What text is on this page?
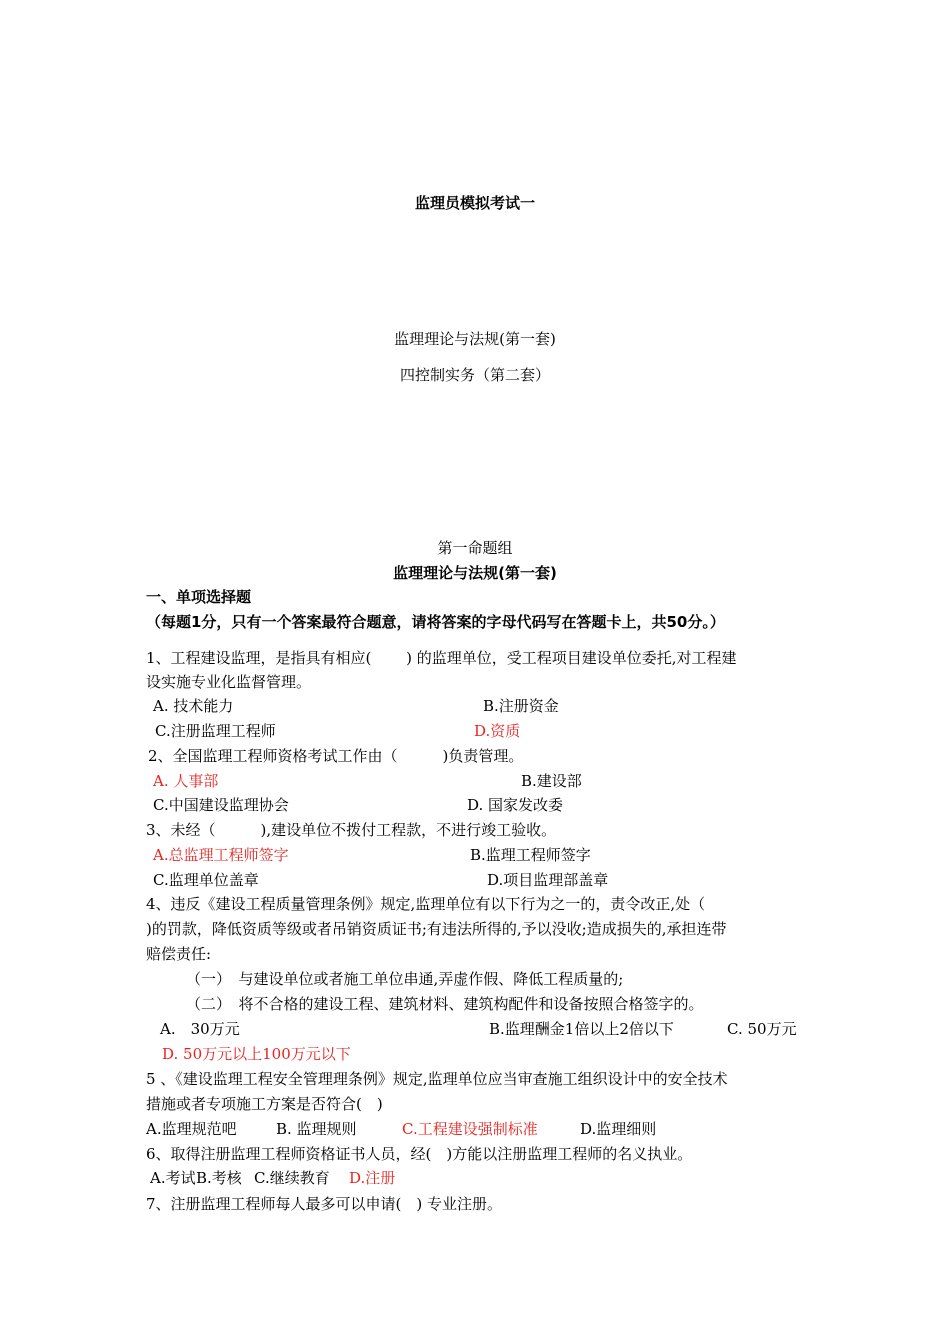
监理员模拟考试一
监理理论与法规(第一套)
四控制实务（第二套）
第一命题组
监理理论与法规(第一套)
一、单项选择题
（每题1分，只有一个答案最符合题意，请将答案的字母代码写在答题卡上，共50分。）
1、工程建设监理，是指具有相应(　　 ) 的监理单位，受工程项目建设单位委托,对工程建
设实施专业化监督管理。
A. 技术能力	B.注册资金
C.注册监理工程师	D.资质
2、全国监理工程师资格考试工作由（　　　)负责管理。
A. 人事部	B.建设部
C.中国建设监理协会	D. 国家发改委
3、未经（　　　),建设单位不拨付工程款，不进行竣工验收。
A.总监理工程师签字	B.监理工程师签字
C.监理单位盖章	D.项目监理部盖章
4、违反《建设工程质量管理条例》规定,监理单位有以下行为之一的，责令改正,处（
)的罚款，降低资质等级或者吊销资质证书;有违法所得的,予以没收;造成损失的,承担连带
赔偿责任:
（一）　与建设单位或者施工单位串通,弄虚作假、降低工程质量的;
（二）　将不合格的建设工程、建筑材料、建筑构配件和设备按照合格签字的。
A.　30万元	B.监理酬金1倍以上2倍以下	C. 50万元
D. 50万元以上100万元以下
5 、《建设监理工程安全管理理条例》规定,监理单位应当审查施工组织设计中的安全技术
措施或者专项施工方案是否符合(　)
A.监理规范吧	B. 监理规则	C.工程建设强制标准	D.监理细则
6、取得注册监理工程师资格证书人员，经(　)方能以注册监理工程师的名义执业。
A.考试 B.考核 C.继续教育 D.注册
7、注册监理工程师每人最多可以申请(　) 专业注册。
